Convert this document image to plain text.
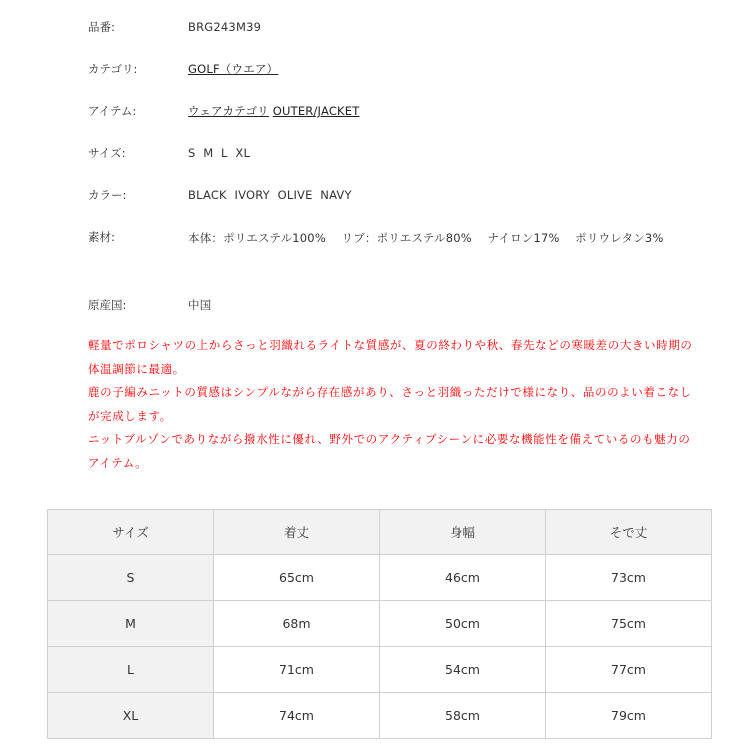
品番:	BRG243M39
カテゴリ:	GOLF（ウエア）
アイテム:	ウェアカテゴリ OUTER/JACKET
サイズ:	S  M  L  XL
カラー:	BLACK  IVORY  OLIVE  NAVY
素材:	本体：ポリエステル100%　 リブ：ポリエステル80%　 ナイロン17%　 ポリウレタン3%
原産国:	中国

軽量でポロシャツの上からさっと羽織れるライトな質感が、夏の終わりや秋、春先などの寒暖差の大きい時期の体温調節に最適。

鹿の子編みニットの質感はシンプルながら存在感があり、さっと羽織っただけで様になり、品ののよい着こなしが完成します。

ニットブルゾンでありながら撥水性に優れ、野外でのアクティブシーンに必要な機能性を備えているのも魅力のアイテム。

サイズ	着丈	身幅	そで丈
S	65cm	46cm	73cm
M	68m	50cm	75cm
L	71cm	54cm	77cm
XL	74cm	58cm	79cm
